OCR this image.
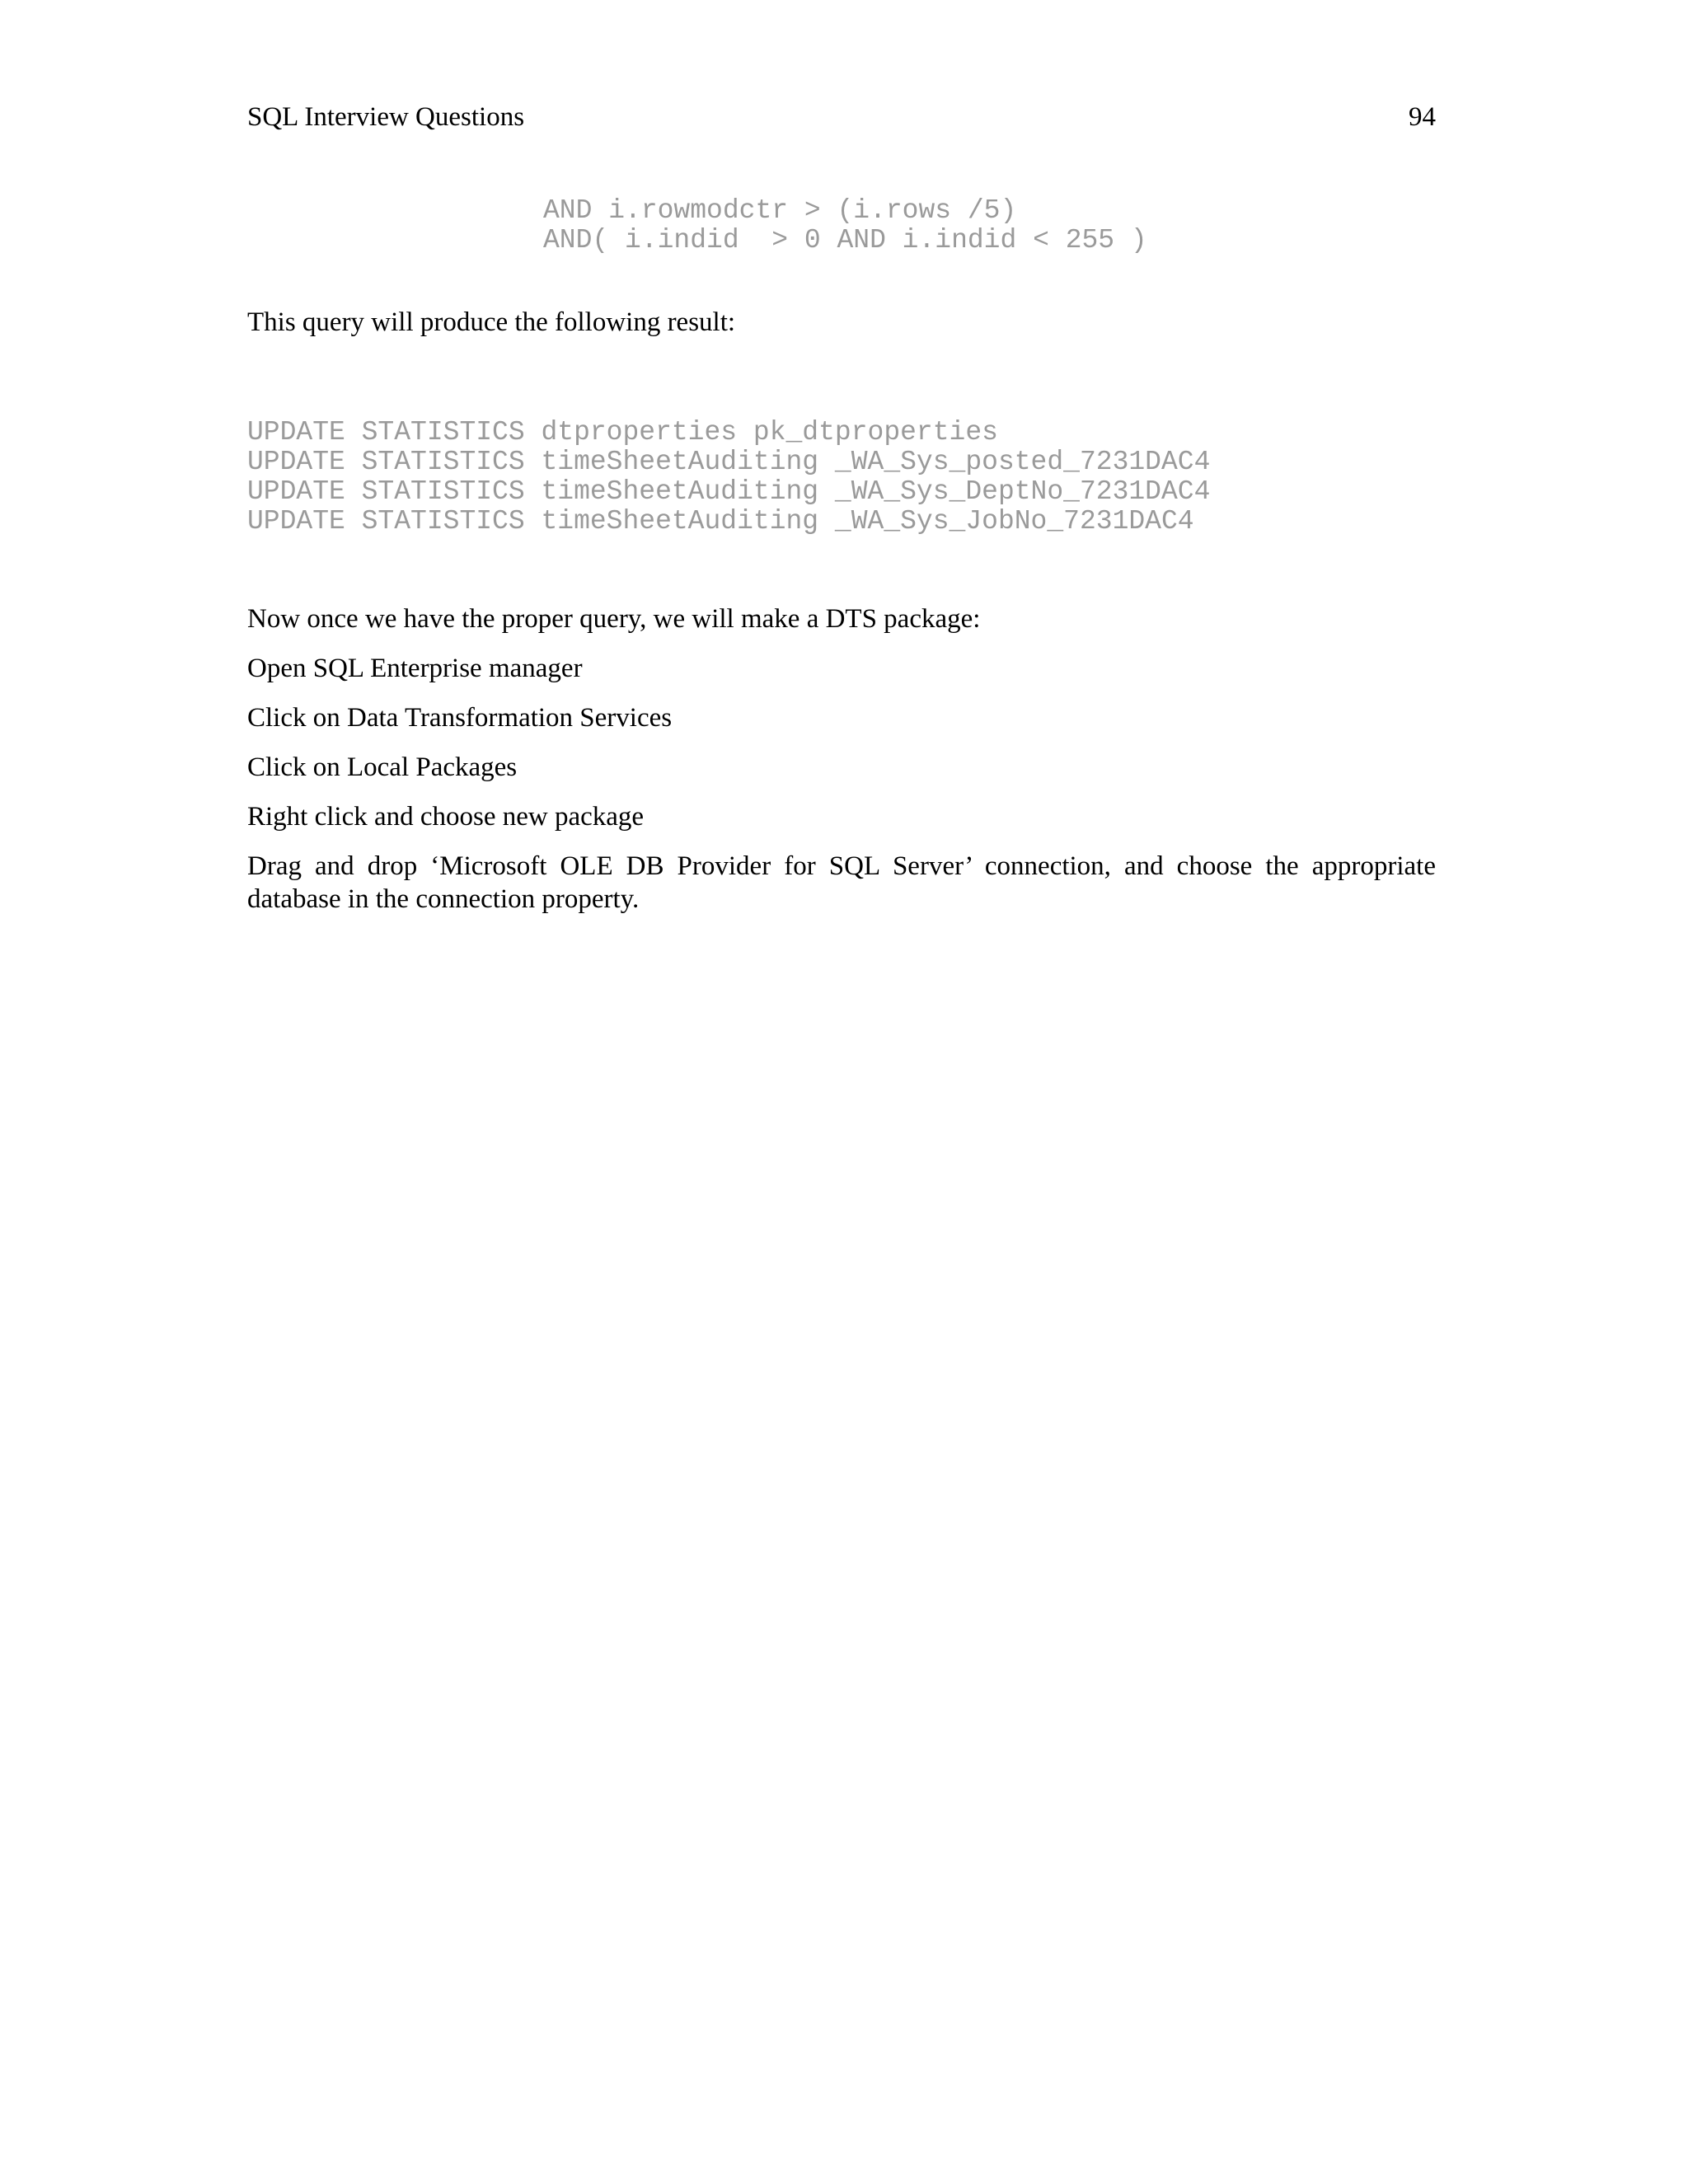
SQL Interview Questions	94
AND i.rowmodctr > (i.rows /5)
AND( i.indid  > 0 AND i.indid < 255 )

This query will produce the following result:

UPDATE STATISTICS dtproperties pk_dtproperties
UPDATE STATISTICS timeSheetAuditing _WA_Sys_posted_7231DAC4
UPDATE STATISTICS timeSheetAuditing _WA_Sys_DeptNo_7231DAC4
UPDATE STATISTICS timeSheetAuditing _WA_Sys_JobNo_7231DAC4

Now once we have the proper query, we will make a DTS package:

Open SQL Enterprise manager

Click on Data Transformation Services

Click on Local Packages

Right click and choose new package

Drag and drop ‘Microsoft OLE DB Provider for SQL Server’ connection, and choose the appropriate database in the connection property.
